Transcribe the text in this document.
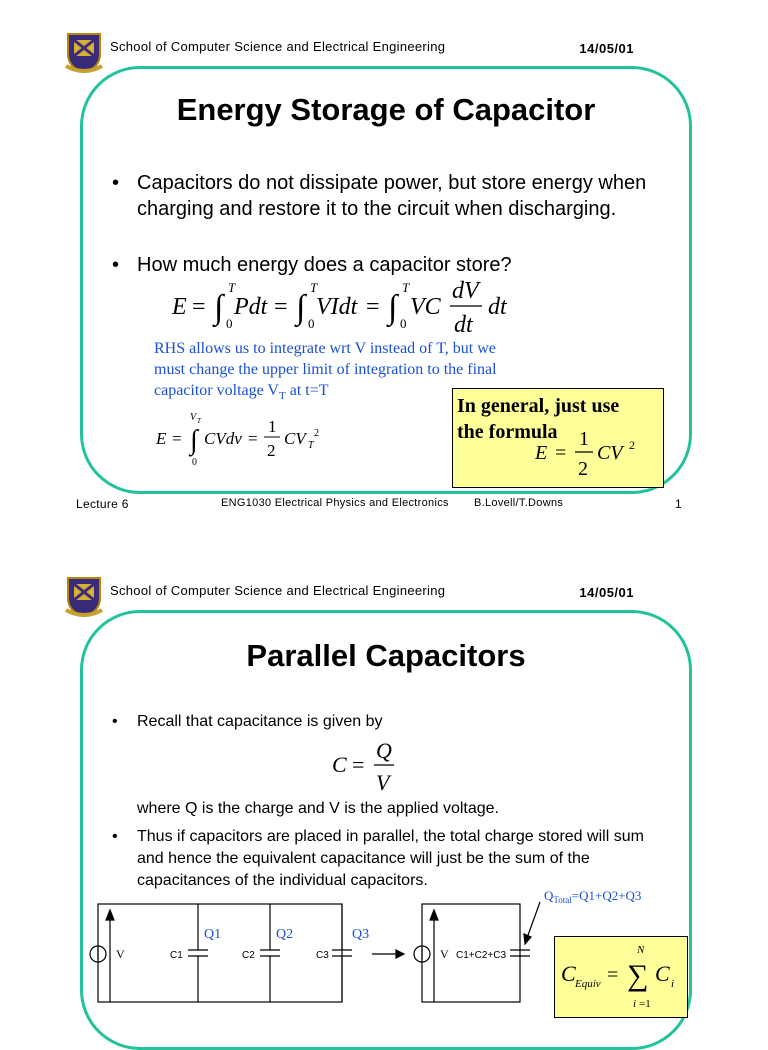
School of Computer Science and Electrical Engineering	14/05/01
Energy Storage of Capacitor
• Capacitors do not dissipate power, but store energy when charging and restore it to the circuit when discharging.
• How much energy does a capacitor store?
E = ∫
T
0
Pdt = ∫
T
0
VIdt = ∫
T
0
VC
dV
dt
dt
RHS allows us to integrate wrt V instead of T, but we
must change the upper limit of integration to the final
capacitor voltage $V_T$ at t=T
E = ∫
V T
0
CVdv =
1
2
CV T
2
In general, just use
the formula
E =
1
2
CV 2
Lecture 6	ENG1030 Electrical Physics and Electronics B.Lovell/T.Downs	1
School of Computer Science and Electrical Engineering	14/05/01
Parallel Capacitors
•	Recall that capacitance is given by
C =
Q
V
where Q is the charge and V is the applied voltage.
•	Thus if capacitors are placed in parallel, the total charge stored will sum and hence the equivalent capacitance will just be the sum of the capacitances of the individual capacitors.
V	C1	C2	C3	V C1+C2+C3
Q1	Q2	Q3
$Q_{Total}=Q1+Q2+Q3$
C Equiv = ∑
N
i =1
C i
